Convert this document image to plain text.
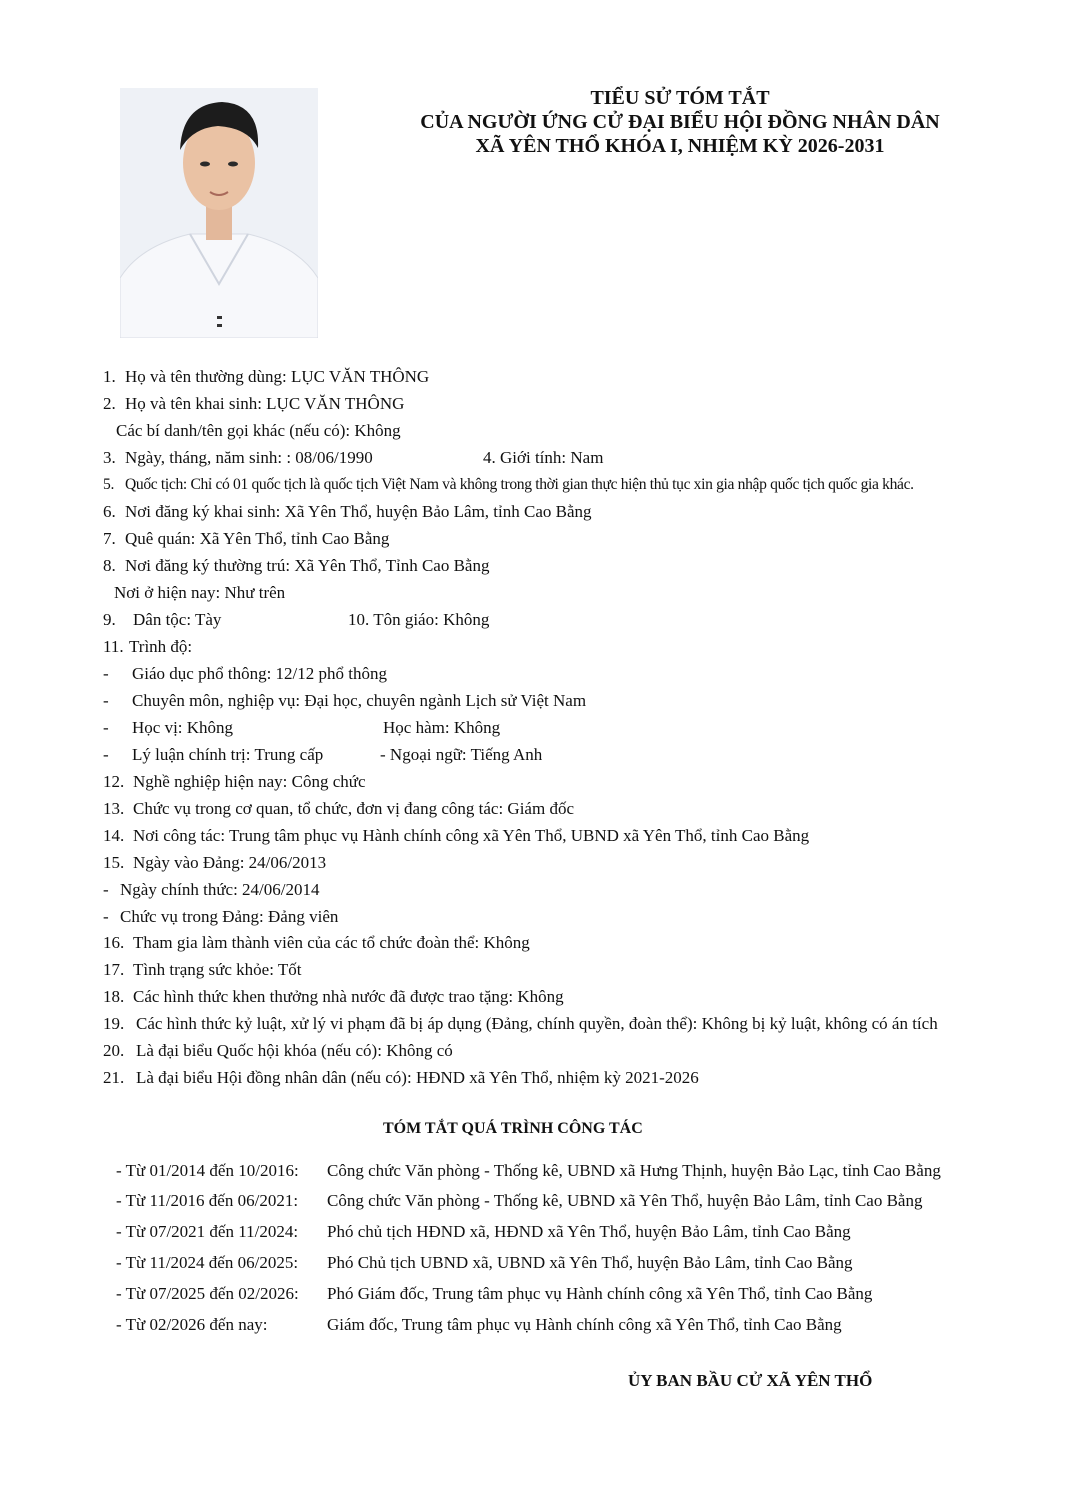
TIỂU SỬ TÓM TẮT
CỦA NGƯỜI ỨNG CỬ ĐẠI BIỂU HỘI ĐỒNG NHÂN DÂN
XÃ YÊN THỔ KHÓA I, NHIỆM KỲ 2026-2031
1. Họ và tên thường dùng: LỤC VĂN THÔNG
2. Họ và tên khai sinh: LỤC VĂN THÔNG
Các bí danh/tên gọi khác (nếu có): Không
3. Ngày, tháng, năm sinh: : 08/06/1990	4. Giới tính: Nam
5. Quốc tịch: Chỉ có 01 quốc tịch là quốc tịch Việt Nam và không trong thời gian thực hiện thủ tục xin gia nhập quốc tịch quốc gia khác.
6. Nơi đăng ký khai sinh: Xã Yên Thổ, huyện Bảo Lâm, tỉnh Cao Bằng
7. Quê quán: Xã Yên Thổ, tỉnh Cao Bằng
8. Nơi đăng ký thường trú: Xã Yên Thổ, Tỉnh Cao Bằng
Nơi ở hiện nay: Như trên
9. Dân tộc: Tày	10. Tôn giáo: Không
11. Trình độ:
- Giáo dục phổ thông: 12/12 phổ thông
- Chuyên môn, nghiệp vụ: Đại học, chuyên ngành Lịch sử Việt Nam
- Học vị: Không	Học hàm: Không
- Lý luận chính trị: Trung cấp	- Ngoại ngữ: Tiếng Anh
12. Nghề nghiệp hiện nay: Công chức
13. Chức vụ trong cơ quan, tổ chức, đơn vị đang công tác: Giám đốc
14. Nơi công tác: Trung tâm phục vụ Hành chính công xã Yên Thổ, UBND xã Yên Thổ, tỉnh Cao Bằng
15. Ngày vào Đảng: 24/06/2013
- Ngày chính thức: 24/06/2014
- Chức vụ trong Đảng: Đảng viên
16. Tham gia làm thành viên của các tổ chức đoàn thể: Không
17. Tình trạng sức khỏe: Tốt
18. Các hình thức khen thưởng nhà nước đã được trao tặng: Không
19. Các hình thức kỷ luật, xử lý vi phạm đã bị áp dụng (Đảng, chính quyền, đoàn thể): Không bị kỷ luật, không có án tích
20. Là đại biểu Quốc hội khóa (nếu có): Không có
21. Là đại biểu Hội đồng nhân dân (nếu có): HĐND xã Yên Thổ, nhiệm kỳ 2021-2026
TÓM TẮT QUÁ TRÌNH CÔNG TÁC
- Từ 01/2014 đến 10/2016: Công chức Văn phòng - Thống kê, UBND xã Hưng Thịnh, huyện Bảo Lạc, tỉnh Cao Bằng
- Từ 11/2016 đến 06/2021: Công chức Văn phòng - Thống kê, UBND xã Yên Thổ, huyện Bảo Lâm, tỉnh Cao Bằng
- Từ 07/2021 đến 11/2024: Phó chủ tịch HĐND xã, HĐND xã Yên Thổ, huyện Bảo Lâm, tỉnh Cao Bằng
- Từ 11/2024 đến 06/2025: Phó Chủ tịch UBND xã, UBND xã Yên Thổ, huyện Bảo Lâm, tỉnh Cao Bằng
- Từ 07/2025 đến 02/2026: Phó Giám đốc, Trung tâm phục vụ Hành chính công xã Yên Thổ, tỉnh Cao Bằng
- Từ 02/2026 đến nay:	Giám đốc, Trung tâm phục vụ Hành chính công xã Yên Thổ, tỉnh Cao Bằng
ỦY BAN BẦU CỬ XÃ YÊN THỔ
